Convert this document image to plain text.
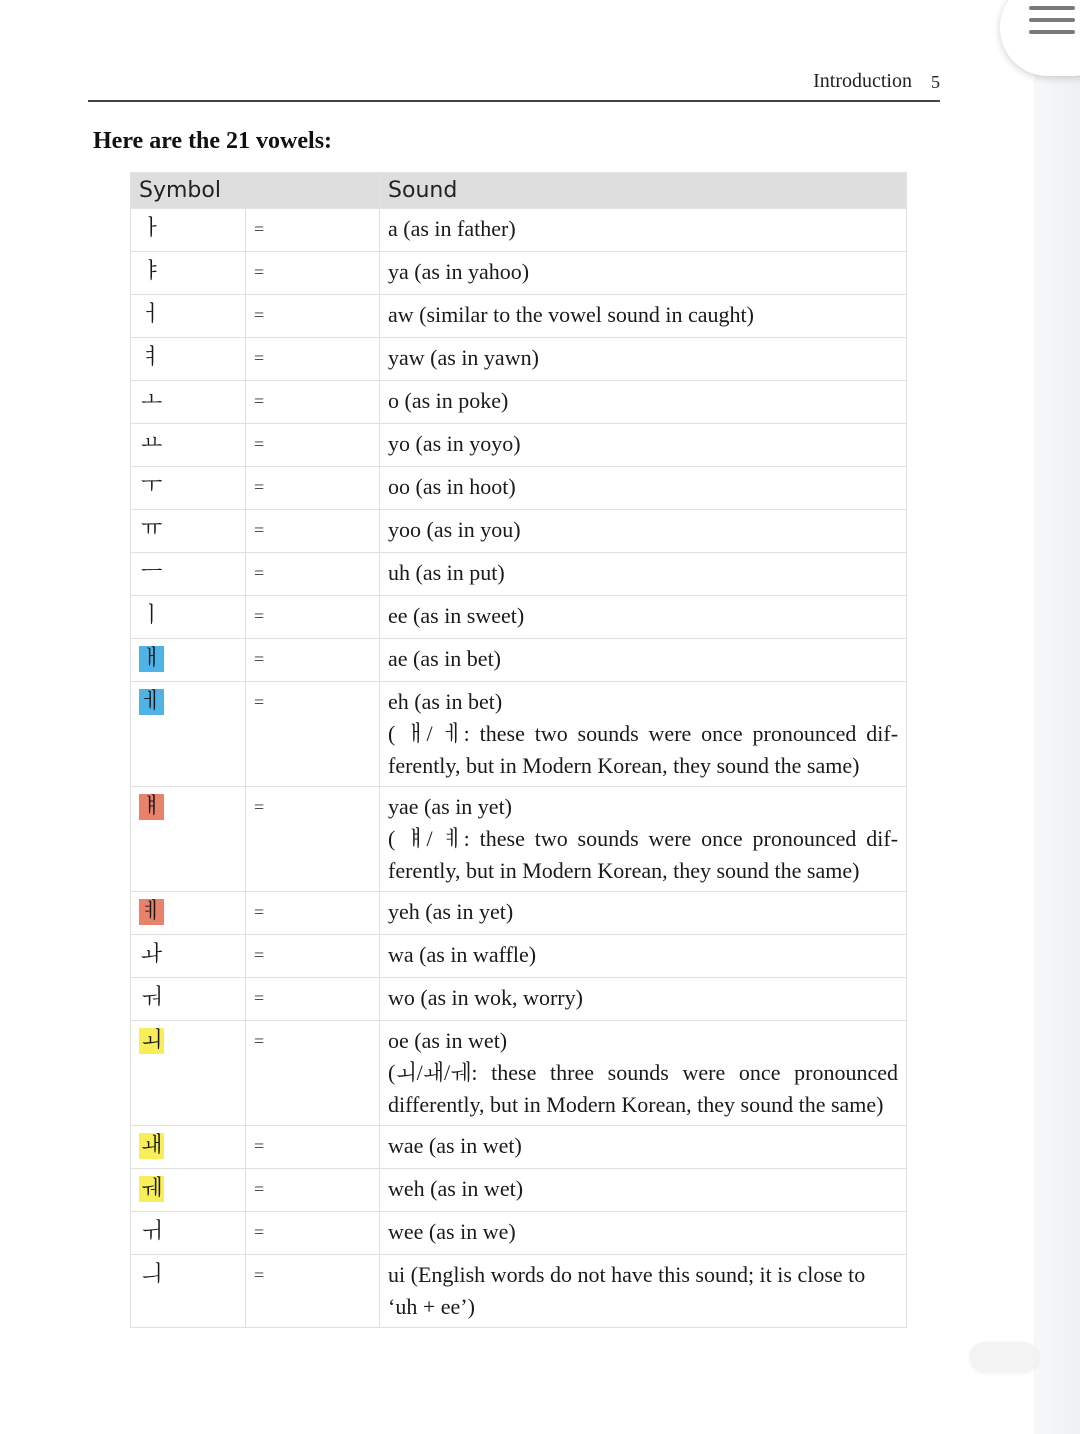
Introduction 5
Here are the 21 vowels:
Symbol		Sound
ㅏ	=	a (as in father)
ㅑ	=	ya (as in yahoo)
ㅓ	=	aw (similar to the vowel sound in caught)
ㅕ	=	yaw (as in yawn)
ㅗ	=	o (as in poke)
ㅛ	=	yo (as in yoyo)
ㅜ	=	oo (as in hoot)
ㅠ	=	yoo (as in you)
ㅡ	=	uh (as in put)
ㅣ	=	ee (as in sweet)
ㅐ	=	ae (as in bet)
ㅔ	=	eh (as in bet)
( ㅐ/ ㅔ: these two sounds were once pronounced differently, but in Modern Korean, they sound the same)

ㅒ	=	yae (as in yet)
( ㅒ/ ㅖ: these two sounds were once pronounced differently, but in Modern Korean, they sound the same)

ㅖ	=	yeh (as in yet)
ㅘ	=	wa (as in waffle)
ㅝ	=	wo (as in wok, worry)
ㅚ	=	oe (as in wet)
(ㅚ/ㅙ/ㅞ: these three sounds were once pronounced differently, but in Modern Korean, they sound the same)

ㅙ	=	wae (as in wet)
ㅞ	=	weh (as in wet)
ㅟ	=	wee (as in we)
ㅢ	=	ui (English words do not have this sound; it is close to ‘uh + ee’)
